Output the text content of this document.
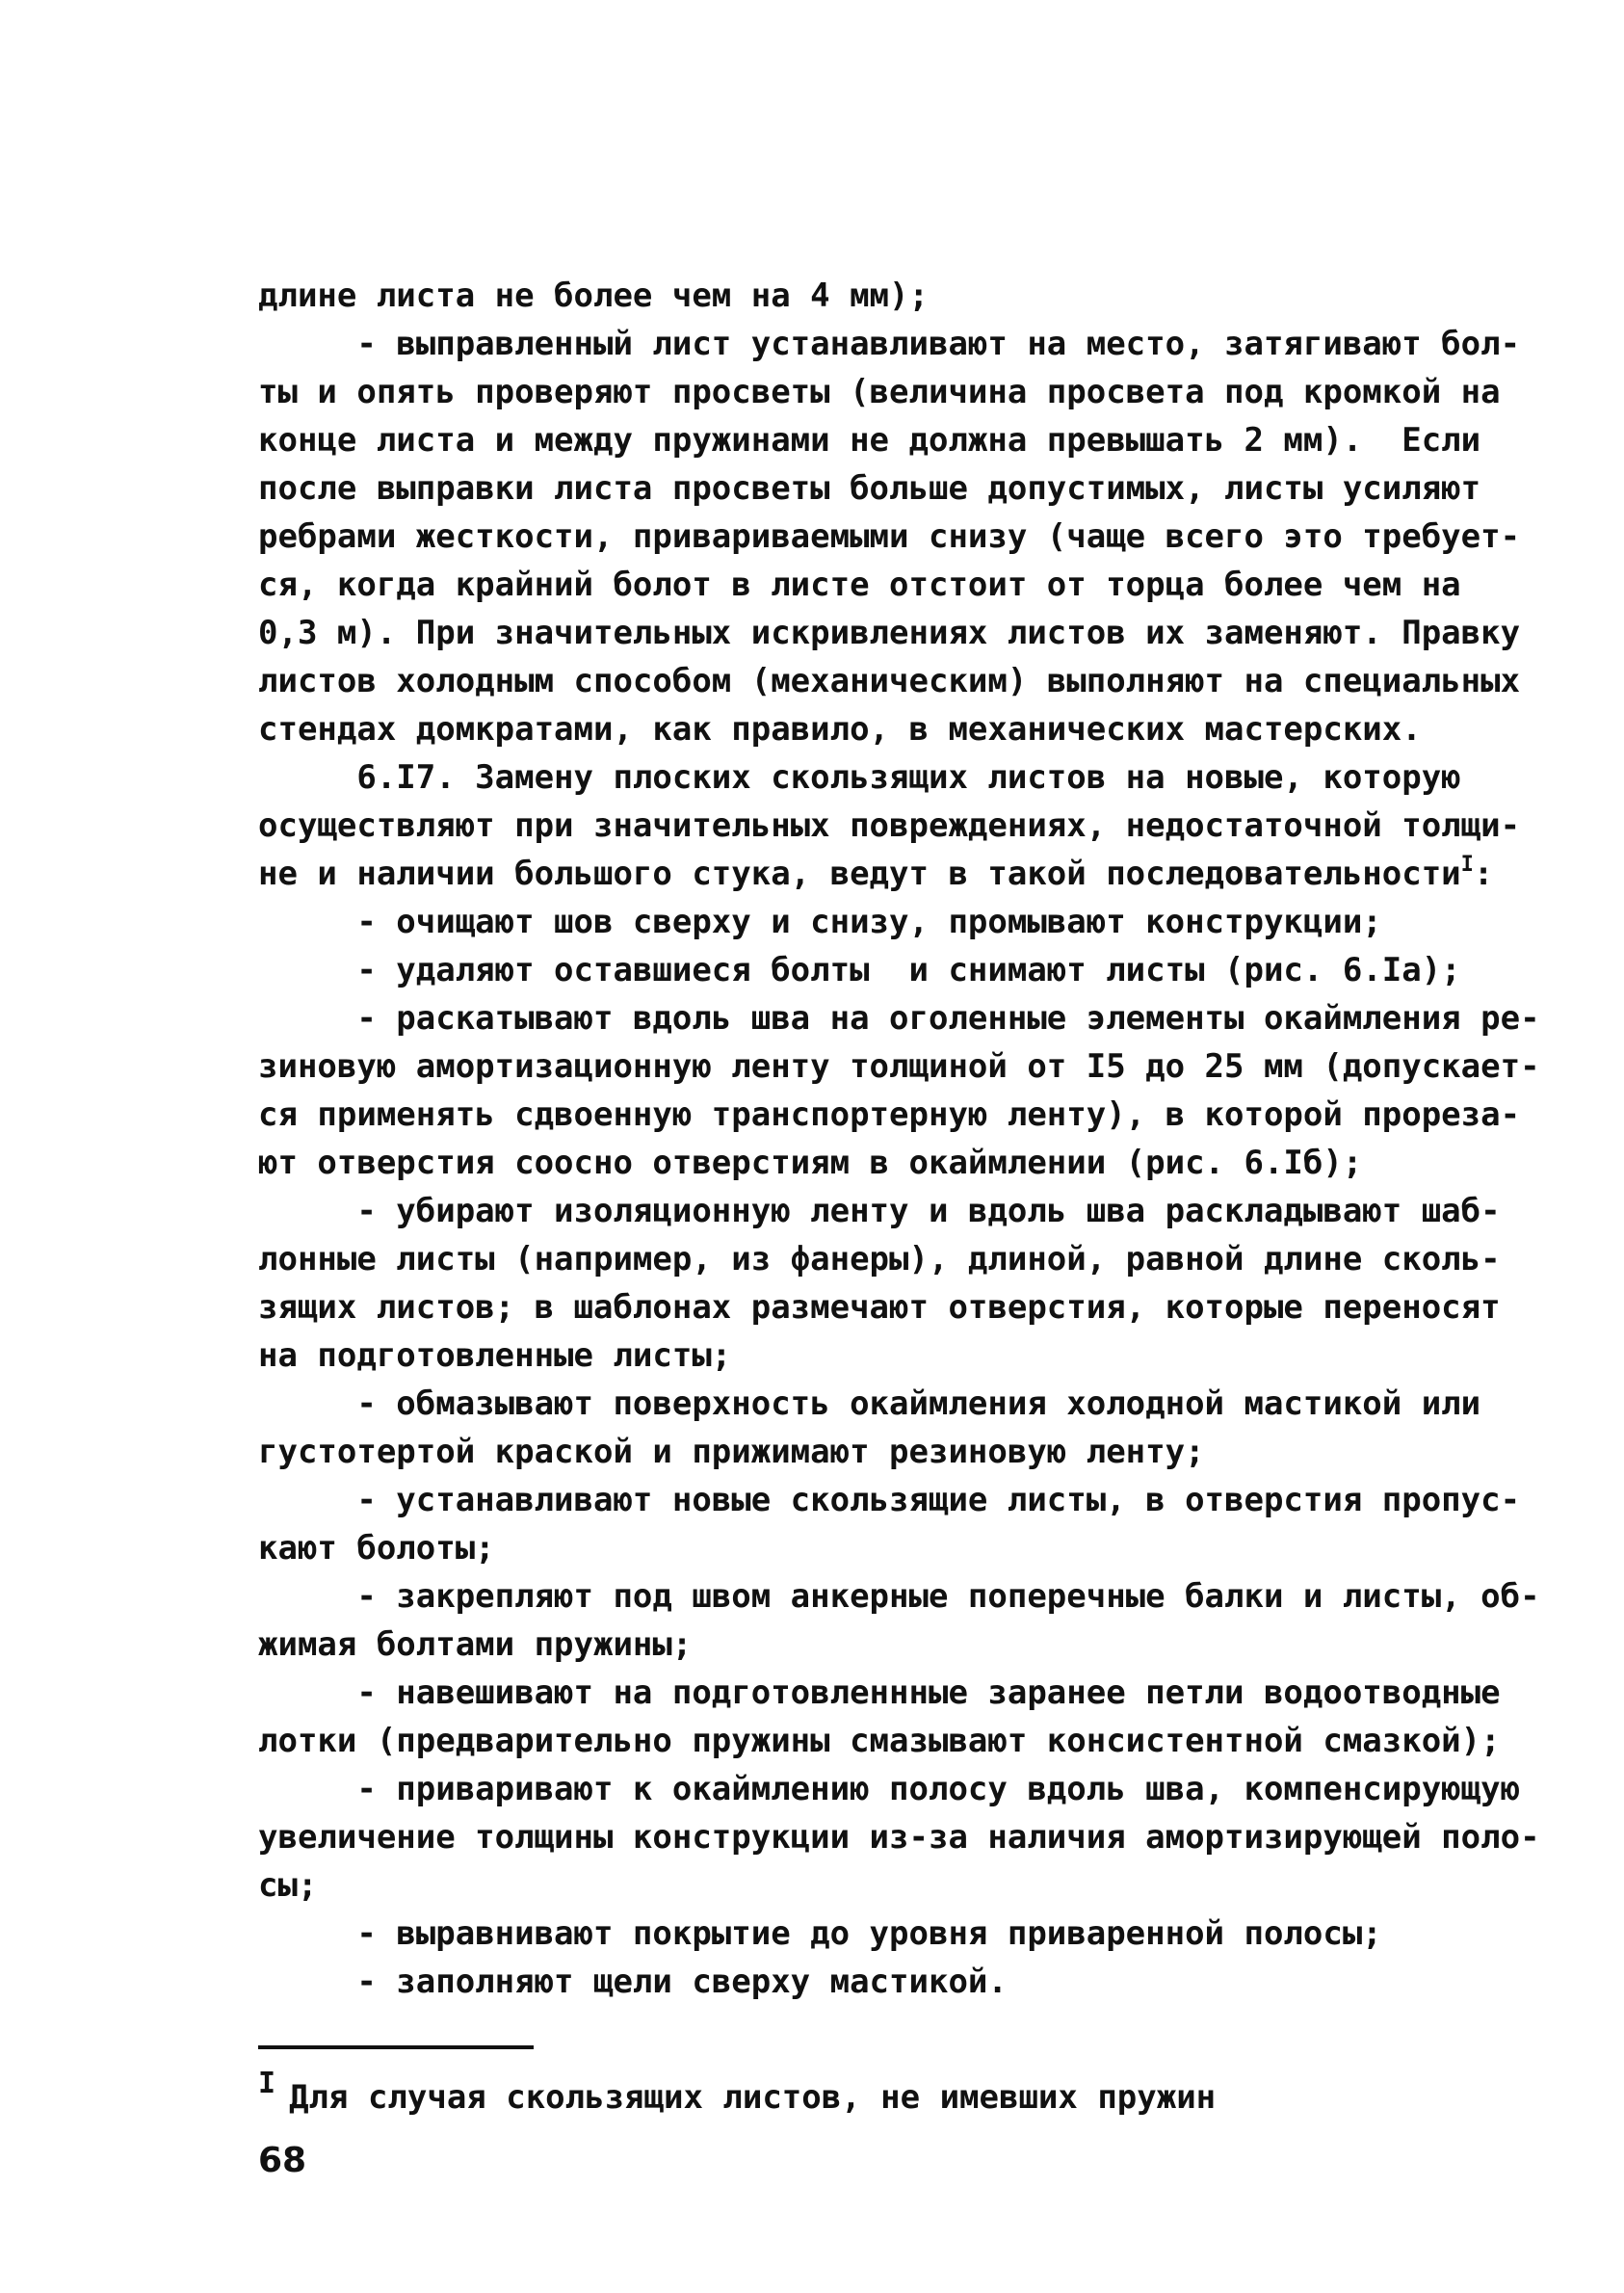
длине листа не более чем на 4 мм);
- выправленный лист устанавливают на место, затягивают бол-
ты и опять проверяют просветы (величина просвета под кромкой на
конце листа и между пружинами не должна превышать 2 мм).  Если
после выправки листа просветы больше допустимых, листы усиляют
ребрами жесткости, привариваемыми снизу (чаще всего это требует-
ся, когда крайний болот в листе отстоит от торца более чем на
0,3 м). При значительных искривлениях листов их заменяют. Правку
листов холодным способом (механическим) выполняют на специальных
стендах домкратами, как правило, в механических мастерских.
6.I7. Замену плоских скользящих листов на новые, которую
осуществляют при значительных повреждениях, недостаточной толщи-
не и наличии большого стука, ведут в такой последовательности$^I$:
- очищают шов сверху и снизу, промывают конструкции;
- удаляют оставшиеся болты  и снимают листы (рис. 6.Iа);
- раскатывают вдоль шва на оголенные элементы окаймления ре-
зиновую амортизационную ленту толщиной от I5 до 25 мм (допускает-
ся применять сдвоенную транспортерную ленту), в которой прореза-
ют отверстия соосно отверстиям в окаймлении (рис. 6.Iб);
- убирают изоляционную ленту и вдоль шва раскладывают шаб-
лонные листы (например, из фанеры), длиной, равной длине сколь-
зящих листов; в шаблонах размечают отверстия, которые переносят
на подготовленные листы;
- обмазывают поверхность окаймления холодной мастикой или
густотертой краской и прижимают резиновую ленту;
- устанавливают новые скользящие листы, в отверстия пропус-
кают болоты;
- закрепляют под швом анкерные поперечные балки и листы, об-
жимая болтами пружины;
- навешивают на подготовленнные заранее петли водоотводные
лотки (предварительно пружины смазывают консистентной смазкой);
- приваривают к окаймлению полосу вдоль шва, компенсирующую
увеличение толщины конструкции из-за наличия амортизирующей поло-
сы;
- выравнивают покрытие до уровня приваренной полосы;
- заполняют щели сверху мастикой.
I Для случая скользящих листов, не имевших пружин
68
